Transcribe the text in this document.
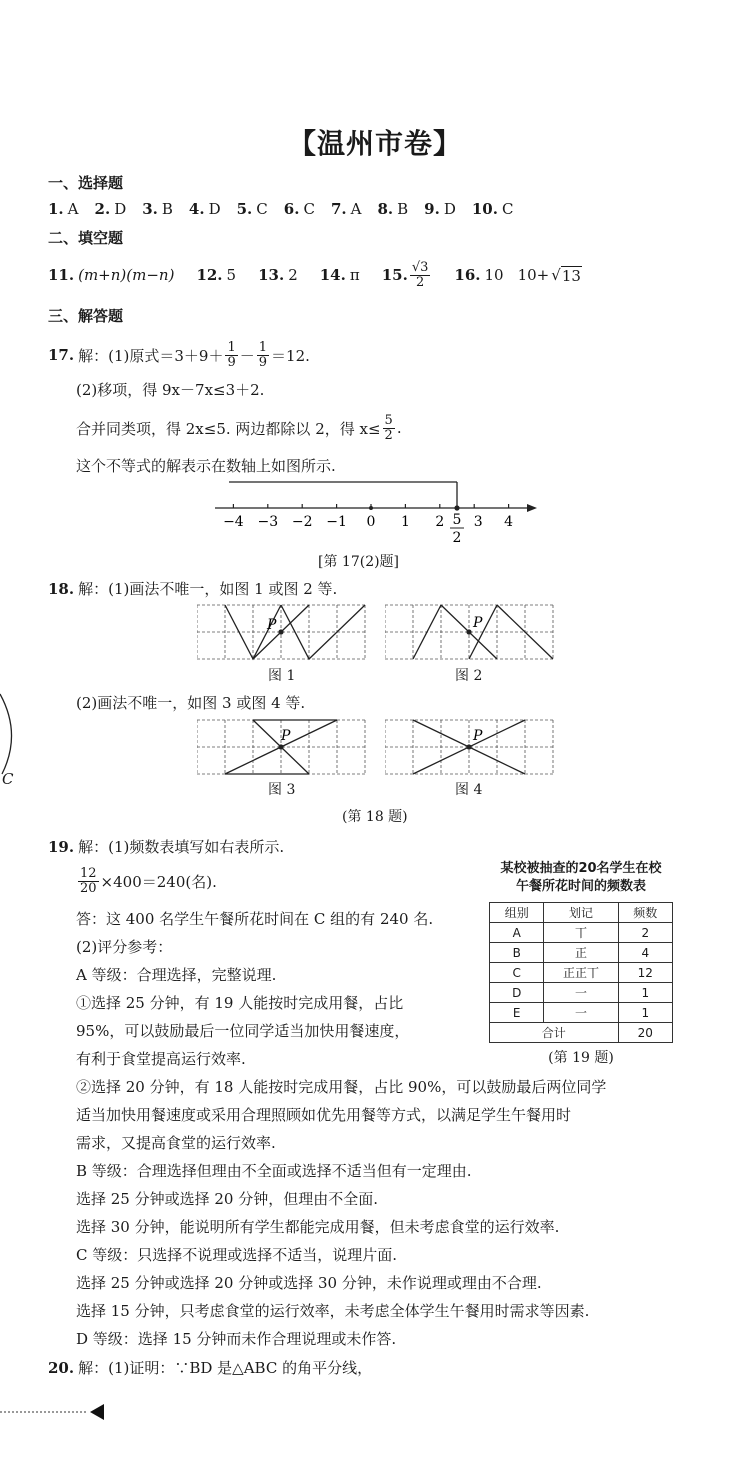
【温州市卷】
一、选择题
1. A 2. D 3. B 4. D 5. C 6. C 7. A 8. B 9. D 10. C
二、填空题
11. (m+n)(m−n) 12. 5 13. 2 14. π 15. $\frac{√3}{2} 16$. 10 10+ √ 13
三、解答题
17. 解：(1)原式$=3+9+ \frac{1}{9} - \frac{1}{9} =12$.
(2)移项，得 9x－7x≤3＋2.
合并同类项，得 2x≤5. 两边都除以 2，得 $x\le \frac{5}{2}$ .
这个不等式的解表示在数轴上如图所示.
−4 −3 −2 −1 0 1 2 3 4
5
2
[第 17(2)题]
18. 解：(1)画法不唯一，如图 1 或图 2 等.
P	P
图 1	图 2
(2)画法不唯一，如图 3 或图 4 等.
P	P
图 3	图 4
(第 18 题)
19. 解：(1)频数表填写如右表所示.
$\frac{12}{20} \times 400=240$(名).
答：这 400 名学生午餐所花时间在 C 组的有 240 名.
(2)评分参考：
A 等级：合理选择，完整说理.
①选择 25 分钟，有 19 人能按时完成用餐，占比
95%，可以鼓励最后一位同学适当加快用餐速度，
有利于食堂提高运行效率.
②选择 20 分钟，有 18 人能按时完成用餐，占比 90%，可以鼓励最后两位同学
适当加快用餐速度或采用合理照顾如优先用餐等方式，以满足学生午餐用时
需求，又提高食堂的运行效率.
B 等级：合理选择但理由不全面或选择不适当但有一定理由.
选择 25 分钟或选择 20 分钟，但理由不全面.
选择 30 分钟，能说明所有学生都能完成用餐，但未考虑食堂的运行效率.
C 等级：只选择不说理或选择不适当，说理片面.
选择 25 分钟或选择 20 分钟或选择 30 分钟，未作说理或理由不合理.
选择 15 分钟，只考虑食堂的运行效率，未考虑全体学生午餐用时需求等因素.
D 等级：选择 15 分钟而未作合理说理或未作答.
某校被抽查的20名学生在校
午餐所花时间的频数表
组别	划记	频数
A	丅	2
B	正	4
C	正正丅	12
D	一	1
E	一	1
合计		20
(第 19 题)
20. 解：(1)证明：∵BD 是△ABC 的角平分线，
C
